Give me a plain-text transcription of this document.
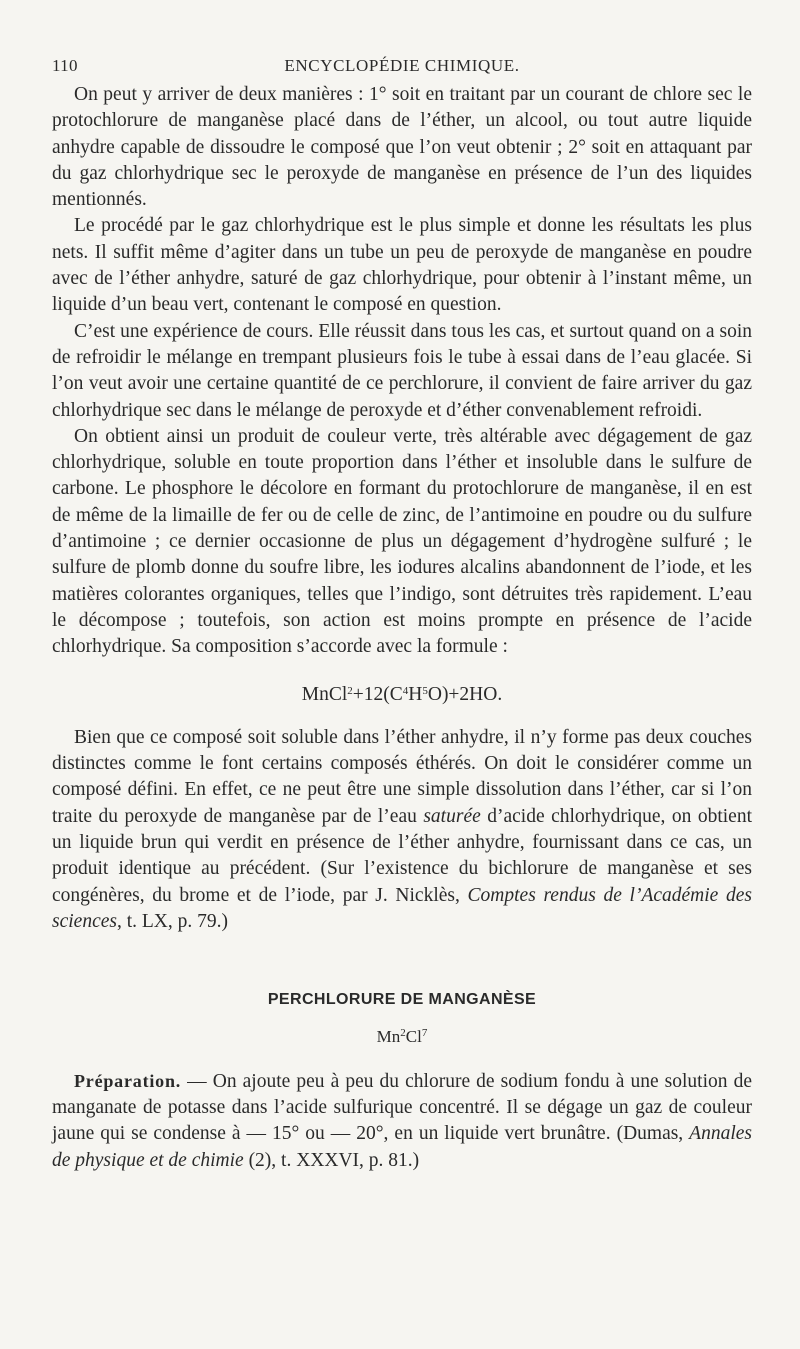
110	ENCYCLOPÉDIE CHIMIQUE.

On peut y arriver de deux manières : 1° soit en traitant par un courant de chlore sec le protochlorure de manganèse placé dans de l’éther, un alcool, ou tout autre liquide anhydre capable de dissoudre le composé que l’on veut obtenir ; 2° soit en attaquant par du gaz chlorhydrique sec le peroxyde de manganèse en présence de l’un des liquides mentionnés.

Le procédé par le gaz chlorhydrique est le plus simple et donne les résultats les plus nets. Il suffit même d’agiter dans un tube un peu de peroxyde de manganèse en poudre avec de l’éther anhydre, saturé de gaz chlorhydrique, pour obtenir à l’instant même, un liquide d’un beau vert, contenant le composé en question.

C’est une expérience de cours. Elle réussit dans tous les cas, et surtout quand on a soin de refroidir le mélange en trempant plusieurs fois le tube à essai dans de l’eau glacée. Si l’on veut avoir une certaine quantité de ce perchlorure, il convient de faire arriver du gaz chlorhydrique sec dans le mélange de peroxyde et d’éther convenablement refroidi.

On obtient ainsi un produit de couleur verte, très altérable avec dégagement de gaz chlorhydrique, soluble en toute proportion dans l’éther et insoluble dans le sulfure de carbone. Le phosphore le décolore en formant du protochlorure de manganèse, il en est de même de la limaille de fer ou de celle de zinc, de l’antimoine en poudre ou du sulfure d’antimoine ; ce dernier occasionne de plus un dégagement d’hydrogène sulfuré ; le sulfure de plomb donne du soufre libre, les iodures alcalins abandonnent de l’iode, et les matières colorantes organiques, telles que l’indigo, sont détruites très rapidement. L’eau le décompose ; toutefois, son action est moins prompte en présence de l’acide chlorhydrique. Sa composition s’accorde avec la formule :

$MnCl^2+12(C^4H^5O)+2HO$.

Bien que ce composé soit soluble dans l’éther anhydre, il n’y forme pas deux couches distinctes comme le font certains composés éthérés. On doit le considérer comme un composé défini. En effet, ce ne peut être une simple dissolution dans l’éther, car si l’on traite du peroxyde de manganèse par de l’eau saturée d’acide chlorhydrique, on obtient un liquide brun qui verdit en présence de l’éther anhydre, fournissant dans ce cas, un produit identique au précédent. (Sur l’existence du bichlorure de manganèse et ses congénères, du brome et de l’iode, par J. Nicklès, Comptes rendus de l’Académie des sciences, t. LX, p. 79.)

PERCHLORURE DE MANGANÈSE

Mn$^2$Cl$^7$

Préparation. — On ajoute peu à peu du chlorure de sodium fondu à une solution de manganate de potasse dans l’acide sulfurique concentré. Il se dégage un gaz de couleur jaune qui se condense à — 15° ou — 20°, en un liquide vert brunâtre. (Dumas, Annales de physique et de chimie (2), t. XXXVI, p. 81.)
